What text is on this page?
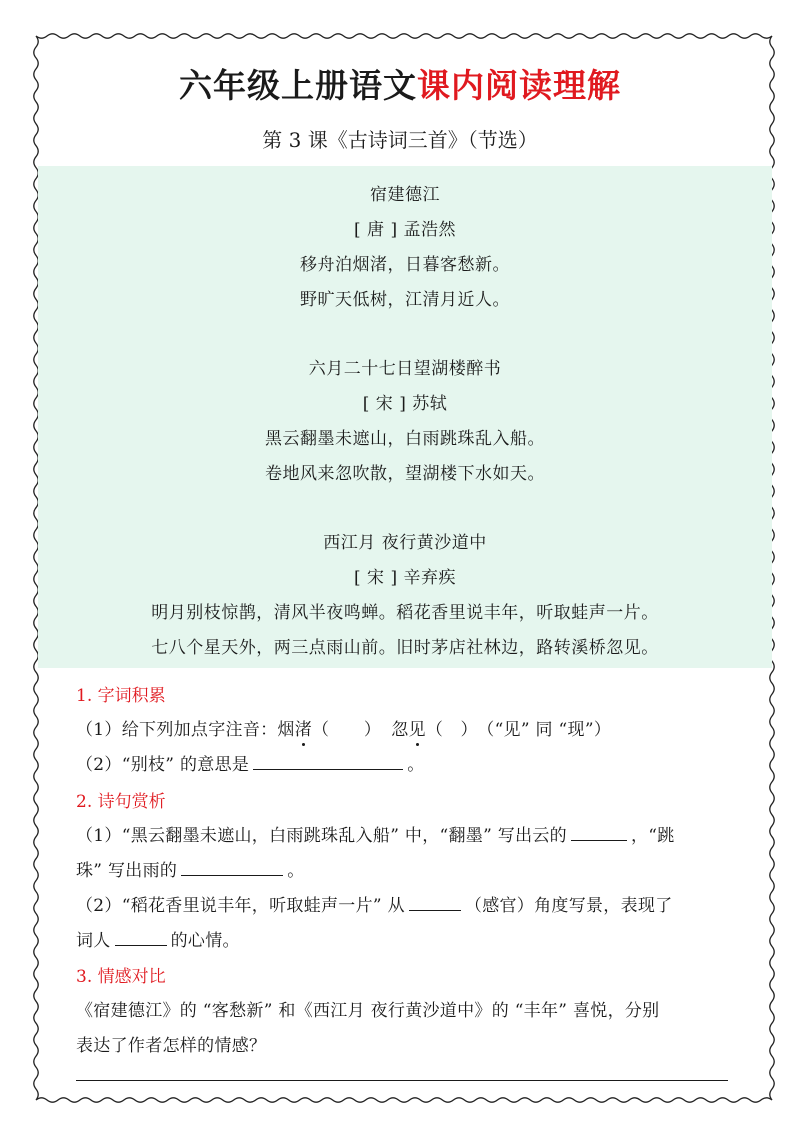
六年级上册语文课内阅读理解
第 3 课《古诗词三首》（节选）
宿建德江
[ 唐 ] 孟浩然
移舟泊烟渚，日暮客愁新。
野旷天低树，江清月近人。
六月二十七日望湖楼醉书
[ 宋 ] 苏轼
黑云翻墨未遮山，白雨跳珠乱入船。
卷地风来忽吹散，望湖楼下水如天。
西江月 夜行黄沙道中
[ 宋 ] 辛弃疾
明月别枝惊鹊，清风半夜鸣蝉。稻花香里说丰年，听取蛙声一片。
七八个星天外，两三点雨山前。旧时茅店社林边，路转溪桥忽见。
1. 字词积累
（1）给下列加点字注音：烟渚（　　） 忽见（　） （“见” 同 “现”）
（2）“别枝” 的意思是	。
2. 诗句赏析
（1）“黑云翻墨未遮山，白雨跳珠乱入船” 中，“翻墨” 写出云的	，“跳
珠” 写出雨的	。
（2）“稻花香里说丰年，听取蛙声一片” 从	（感官）角度写景，表现了
词人	的心情。
3. 情感对比
《宿建德江》的 “客愁新” 和《西江月 夜行黄沙道中》的 “丰年” 喜悦，分别
表达了作者怎样的情感？
